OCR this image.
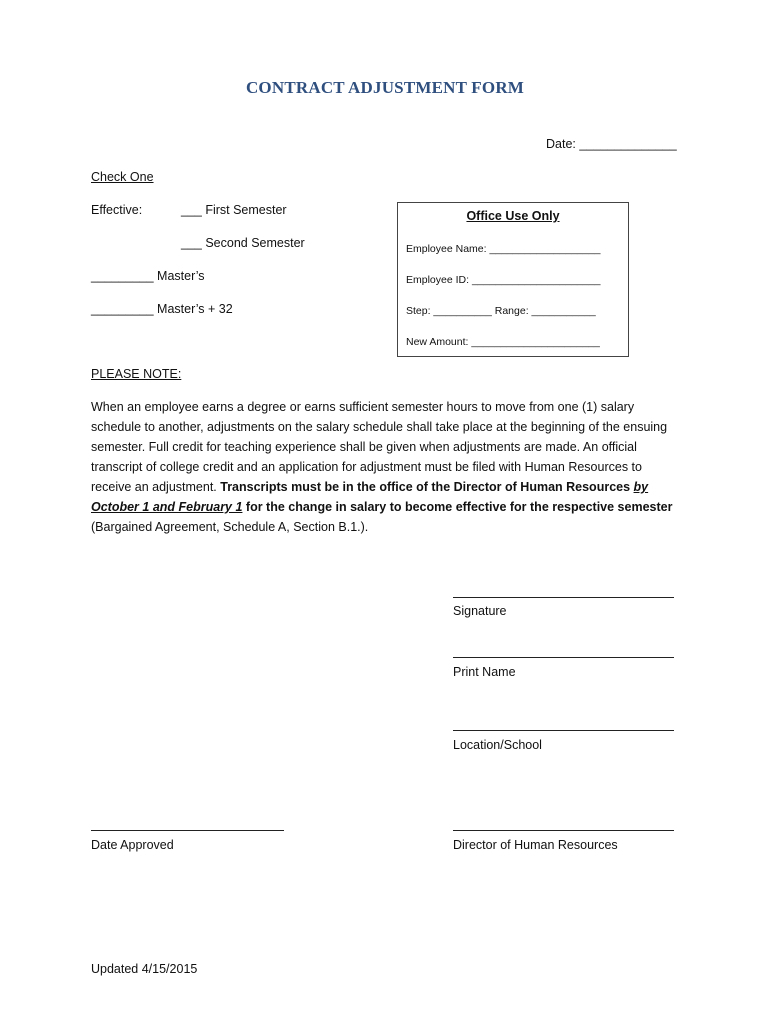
CONTRACT ADJUSTMENT FORM
Date: ______________
Check One
Effective:	___ First Semester
___ Second Semester
_________ Master’s
_________ Master’s + 32
Office Use Only
Employee Name: ___________________
Employee ID: ______________________
Step: __________ Range: ___________
New Amount: ______________________
PLEASE NOTE:
When an employee earns a degree or earns sufficient semester hours to move from one (1) salary
schedule to another, adjustments on the salary schedule shall take place at the beginning of the ensuing
semester. Full credit for teaching experience shall be given when adjustments are made. An official
transcript of college credit and an application for adjustment must be filed with Human Resources to
receive an adjustment. Transcripts must be in the office of the Director of Human Resources by
October 1 and February 1 for the change in salary to become effective for the respective semester
(Bargained Agreement, Schedule A, Section B.1.).
Signature
Print Name
Location/School
Date Approved	Director of Human Resources
Updated 4/15/2015
